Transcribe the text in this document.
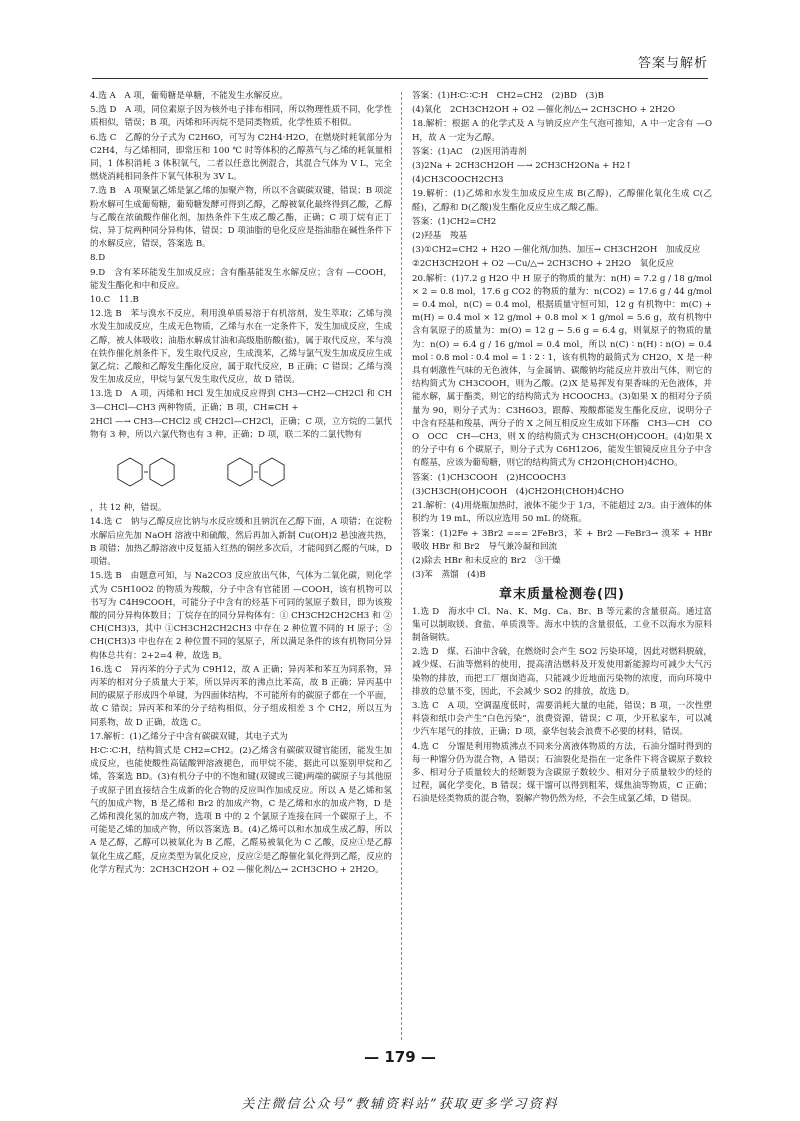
答案与解析
4.选 A　A 项，葡萄糖是单糖，不能发生水解反应。
5.选 D　A 项，同位素原子因为核外电子排布相同，所以物理性质不同，化学性质相似，错误；B 项，丙烯和环丙烷不是同类物质，化学性质不相似。
6.选 C　乙醇的分子式为 C2H6O，可写为 C2H4·H2O，在燃烧时耗氧部分为 C2H4，与乙烯相同，即常压和 100 ℃ 时等体积的乙醇蒸气与乙烯的耗氧量相同，1 体积消耗 3 体积氧气，二者以任意比例混合，其混合气体为 V L，完全燃烧消耗相同条件下氧气体积为 3V L。
7.选 B　A 项聚氯乙烯是氯乙烯的加聚产物，所以不含碳碳双键，错误；B 项淀粉水解可生成葡萄糖，葡萄糖发酵可得到乙醇，乙醇被氧化最终得到乙酸，乙醇与乙酸在浓硫酸作催化剂，加热条件下生成乙酸乙酯，正确；C 项丁烷有正丁烷、异丁烷两种同分异构体，错误；D 项油脂的皂化反应是指油脂在碱性条件下的水解反应，错误，答案选 B。
8.D
9.D　含有苯环能发生加成反应；含有酯基能发生水解反应；含有 —COOH，能发生酯化和中和反应。
10.C　11.B
12.选 B　苯与溴水不反应，利用溴单质易溶于有机溶剂，发生萃取；乙烯与溴水发生加成反应，生成无色物质，乙烯与水在一定条件下，发生加成反应，生成乙醇，被人体吸收；油脂水解成甘油和高级脂肪酸(盐)，属于取代反应，苯与溴在铁作催化剂条件下，发生取代反应，生成溴苯，乙烯与氯气发生加成反应生成氯乙烷；乙酸和乙醇发生酯化反应，属于取代反应，B 正确；C 错误；乙烯与溴发生加成反应，甲烷与氯气发生取代反应，故 D 错误。
13.选 D　A 项，丙烯和 HCl 发生加成反应得到 CH3—CH2—CH2Cl 和 CH3—CHCl—CH3 两种物质，正确；B 项，CH≡CH +
2HCl —→ CH3—CHCl2 或 CH2Cl—CH2Cl，正确；C 项，立方烷的二氯代物有 3 种，所以六氯代物也有 3 种，正确；D 项，联二苯的二氯代物有
，共 12 种，错误。
14.选 C　钠与乙醇反应比钠与水反应缓和且钠沉在乙醇下面，A 项错；在淀粉水解后应先加 NaOH 溶液中和硫酸，然后再加入新制 Cu(OH)2 悬浊液共热，B 项错；加热乙醇溶液中反复插入红热的铜丝多次后，才能闻到乙醛的气味，D 项错。
15.选 B　由题意可知，与 Na2CO3 反应放出气体，气体为二氧化碳，则化学式为 C5H10O2 的物质为羧酸，分子中含有官能团 —COOH，该有机物可以书写为 C4H9COOH，可能分子中含有的烃基下可同的氢原子数目，即为该羧酸的同分异构体数目；丁烷存在的同分异构体有：① CH3CH2CH2CH3 和 ② CH(CH3)3，其中 ①CH3CH2CH2CH3 中存在 2 种位置不同的 H 原子；②CH(CH3)3 中也存在 2 种位置不同的氢原子，所以满足条件的该有机物同分异构体总共有：2+2=4 种，故选 B。
16.选 C　异丙苯的分子式为 C9H12，故 A 正确；异丙苯和苯互为同系物，异丙苯的相对分子质量大于苯，所以异丙苯的沸点比苯高，故 B 正确；异丙基中间的碳原子形成四个单键，为四面体结构，不可能所有的碳原子都在一个平面，故 C 错误；异丙苯和苯的分子结构相似，分子组成相差 3 个 CH2，所以互为同系物，故 D 正确，故选 C。
17.解析：(1)乙烯分子中含有碳碳双键，其电子式为
H∶C∷C∶H，结构简式是 CH2=CH2。(2)乙烯含有碳碳双键官能团，能发生加成反应，也能使酸性高锰酸钾溶液褪色，而甲烷不能，据此可以鉴别甲烷和乙烯，答案选 BD。(3)有机分子中的不饱和键(双键或三键)两端的碳原子与其他原子或原子团直接结合生成新的化合物的反应叫作加成反应。所以 A 是乙烯和氢气的加成产物，B 是乙烯和 Br2 的加成产物，C 是乙烯和水的加成产物，D 是乙烯和溴化氢的加成产物，选项 B 中的 2 个氯原子连接在同一个碳原子上，不可能是乙烯的加成产物，所以答案选 B。(4)乙烯可以和水加成生成乙醇，所以 A 是乙醇，乙醇可以被氧化为 B 乙醛，乙醛易被氧化为 C 乙酸，反应①是乙醇氧化生成乙醛，反应类型为氧化反应，反应②是乙醇催化氧化得到乙醛，反应的化学方程式为：2CH3CH2OH + O2 —催化剂/△→ 2CH3CHO + 2H2O。
答案：(1)H∶C∷C∶H　CH2=CH2　(2)BD　(3)B
(4)氧化　2CH3CH2OH + O2 —催化剂/△→ 2CH3CHO + 2H2O
18.解析：根据 A 的化学式及 A 与钠反应产生气泡可推知，A 中一定含有 —OH，故 A 一定为乙醇。
答案：(1)AC　(2)医用消毒剂
(3)2Na + 2CH3CH2OH —→ 2CH3CH2ONa + H2↑
(4)CH3COOCH2CH3
19.解析：(1)乙烯和水发生加成反应生成 B(乙醇)，乙醇催化氧化生成 C(乙醛)，乙醇和 D(乙酸)发生酯化反应生成乙酸乙酯。
答案：(1)CH2=CH2
(2)羟基　羧基
(3)①CH2=CH2 + H2O —催化剂/加热、加压→ CH3CH2OH　加成反应
②2CH3CH2OH + O2 —Cu/△→ 2CH3CHO + 2H2O　氧化反应
20.解析：(1)7.2 g H2O 中 H 原子的物质的量为：n(H) = 7.2 g / 18 g/mol × 2 = 0.8 mol，17.6 g CO2 的物质的量为：n(CO2) = 17.6 g / 44 g/mol = 0.4 mol，n(C) = 0.4 mol，根据质量守恒可知，12 g 有机物中：m(C) + m(H) = 0.4 mol × 12 g/mol + 0.8 mol × 1 g/mol = 5.6 g，故有机物中含有氧原子的质量为：m(O) = 12 g − 5.6 g = 6.4 g，则氧原子的物质的量为：n(O) = 6.4 g / 16 g/mol = 0.4 mol，所以 n(C) ∶ n(H) ∶ n(O) = 0.4 mol ∶ 0.8 mol ∶ 0.4 mol = 1 ∶ 2 ∶ 1，该有机物的最简式为 CH2O，X 是一种具有刺激性气味的无色液体，与金属钠、碳酸钠均能反应并放出气体，则它的结构简式为 CH3COOH，则为乙酸。(2)X 是易挥发有果香味的无色液体，并能水解，属于酯类，则它的结构简式为 HCOOCH3。(3)如果 X 的相对分子质量为 90，则分子式为：C3H6O3，跟醇、羧酸都能发生酯化反应，说明分子中含有羟基和羧基，两分子的 X 之间互相反应生成如下环酯　CH3—CH　COO　OCC　CH—CH3，则 X 的结构简式为 CH3CH(OH)COOH。(4)如果 X 的分子中有 6 个碳原子，则分子式为 C6H12O6，能发生银镜反应且分子中含有醛基，应该为葡萄糖，则它的结构简式为 CH2OH(CHOH)4CHO。
答案：(1)CH3COOH　(2)HCOOCH3
(3)CH3CH(OH)COOH　(4)CH2OH(CHOH)4CHO
21.解析：(4)用烧瓶加热时，液体不能少于 1/3，不能超过 2/3。由于液体的体积约为 19 mL，所以应选用 50 mL 的烧瓶。
答案：(1)2Fe + 3Br2 === 2FeBr3，苯 + Br2 —FeBr3→ 溴苯 + HBr　吸收 HBr 和 Br2　导气兼冷凝和回流
(2)除去 HBr 和未反应的 Br2　③干燥
(3)苯　蒸馏　(4)B
章末质量检测卷(四)
1.选 D　海水中 Cl、Na、K、Mg、Ca、Br、B 等元素的含量很高。通过富集可以制取镁、食盐、单质溴等。海水中铁的含量很低，工业不以海水为原料制备铜铁。
2.选 D　煤、石油中含硫，在燃烧时会产生 SO2 污染环境，因此对燃料脱硫，减少煤、石油等燃料的使用，提高清洁燃料及开发使用新能源均可减少大气污染物的排放，而把工厂烟囱造高，只能减少近地面污染物的浓度，而向环境中排放的总量不变，因此，不会减少 SO2 的排放，故选 D。
3.选 C　A 项，空调温度低时，需要消耗大量的电能，错误；B 项，一次性塑料袋和纸巾会产生“白色污染”，浪费资源，错误；C 项，少开私家车，可以减少汽车尾气的排放，正确；D 项，豪华包装会浪费不必要的材料，错误。
4.选 C　分馏是利用物质沸点不同来分离液体物质的方法，石油分馏时得到的每一种馏分仍为混合物，A 错误；石油裂化是指在一定条件下将含碳原子数较多、相对分子质量较大的烃断裂为含碳原子数较少、相对分子质量较少的烃的过程，属化学变化，B 错误；煤干馏可以得到粗苯，煤焦油等物质，C 正确；石油是烃类物质的混合物，裂解产物仍然为烃，不会生成氯乙烯，D 错误。
— 179 —
关注微信公众号“教辅资料站”获取更多学习资料
